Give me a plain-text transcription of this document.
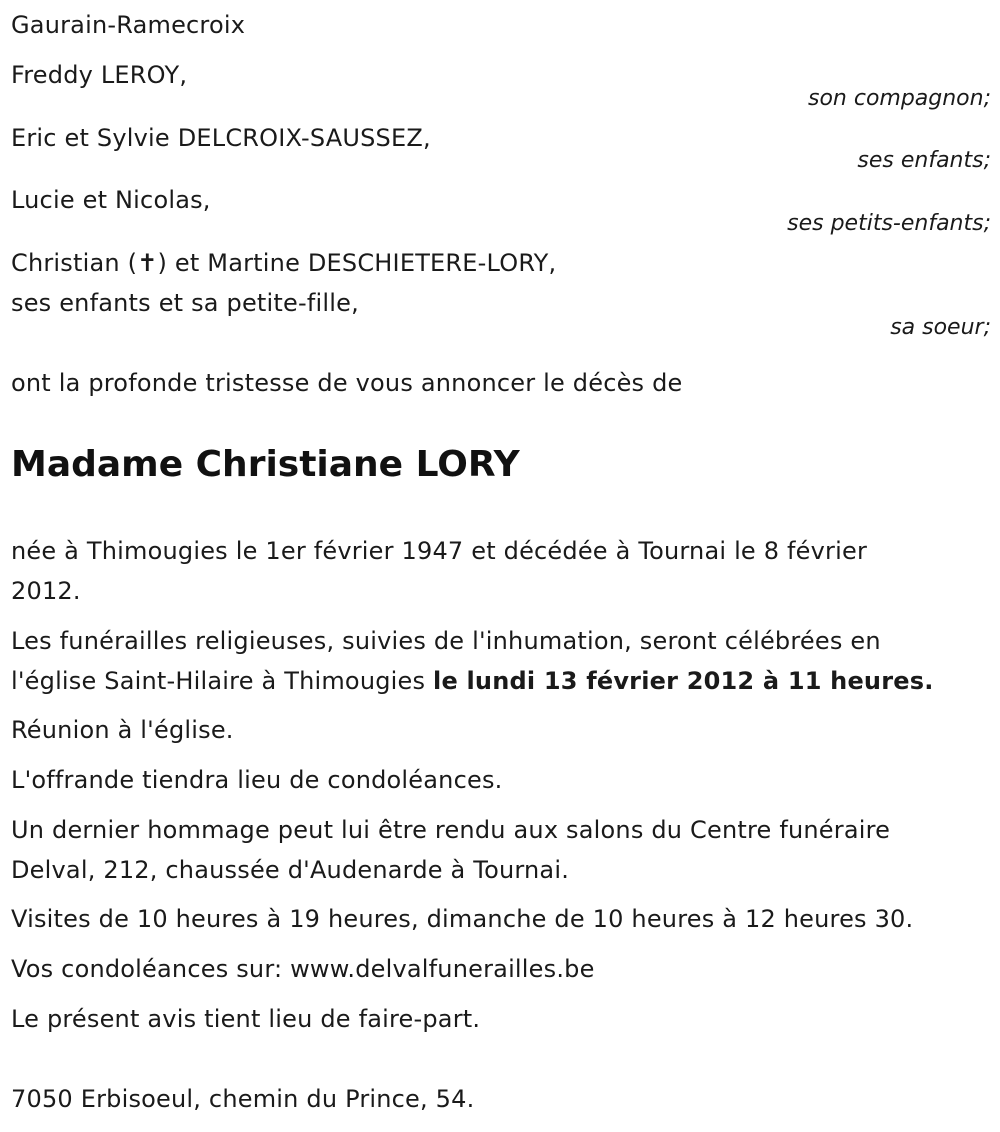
Gaurain-Ramecroix
Freddy LEROY,
son compagnon;
Eric et Sylvie DELCROIX-SAUSSEZ,
ses enfants;
Lucie et Nicolas,
ses petits-enfants;
Christian (✝) et Martine DESCHIETERE-LORY,
ses enfants et sa petite-fille,
sa soeur;
ont la profonde tristesse de vous annoncer le décès de
Madame Christiane LORY
née à Thimougies le 1er février 1947 et décédée à Tournai le 8 février
2012.
Les funérailles religieuses, suivies de l'inhumation, seront célébrées en
l'église Saint-Hilaire à Thimougies le lundi 13 février 2012 à 11 heures.
Réunion à l'église.
L'offrande tiendra lieu de condoléances.
Un dernier hommage peut lui être rendu aux salons du Centre funéraire
Delval, 212, chaussée d'Audenarde à Tournai.
Visites de 10 heures à 19 heures, dimanche de 10 heures à 12 heures 30.
Vos condoléances sur: www.delvalfunerailles.be
Le présent avis tient lieu de faire-part.
7050 Erbisoeul, chemin du Prince, 54.
